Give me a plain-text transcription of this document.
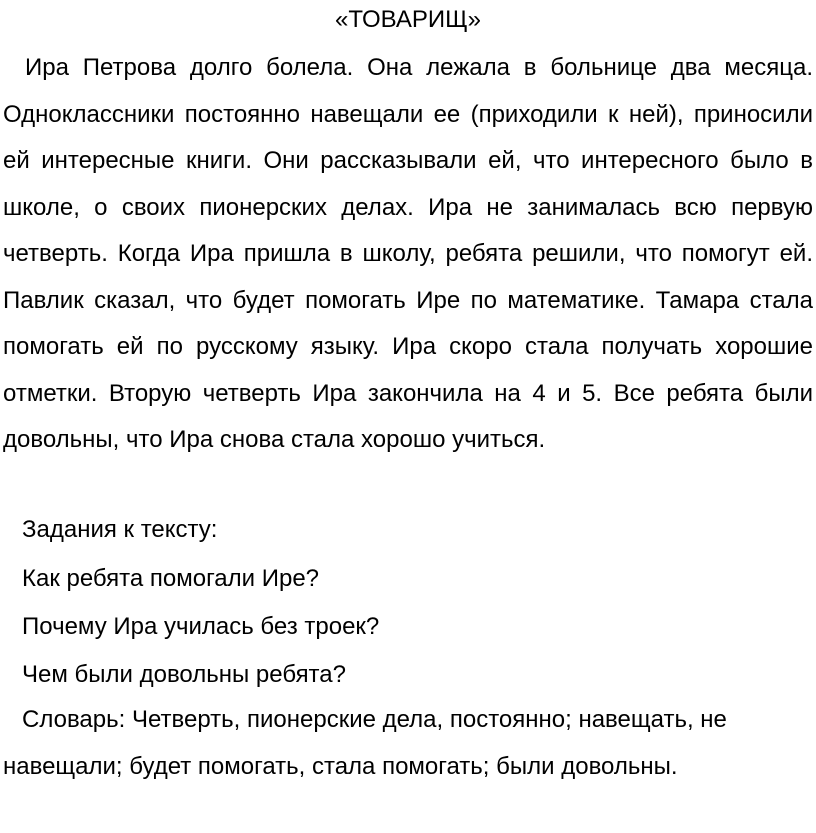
«ТОВАРИЩ»

Ира Петрова долго болела. Она лежала в больнице два месяца. Одноклассники постоянно навещали ее (приходили к ней), приносили ей интересные книги. Они рассказывали ей, что интересного было в школе, о своих пионерских делах. Ира не занималась всю первую четверть. Когда Ира пришла в школу, ребята решили, что помогут ей. Павлик сказал, что будет помогать Ире по математике. Тамара стала помогать ей по русскому языку. Ира скоро стала получать хорошие отметки. Вторую четверть Ира закончила на 4 и 5. Все ребята были довольны, что Ира снова стала хорошо учиться.

Задания к тексту:

Как ребята помогали Ире?

Почему Ира училась без троек?

Чем были довольны ребята?

Словарь: Четверть, пионерские дела, постоянно; навещать, не навещали; будет помогать, стала помогать; были довольны.
